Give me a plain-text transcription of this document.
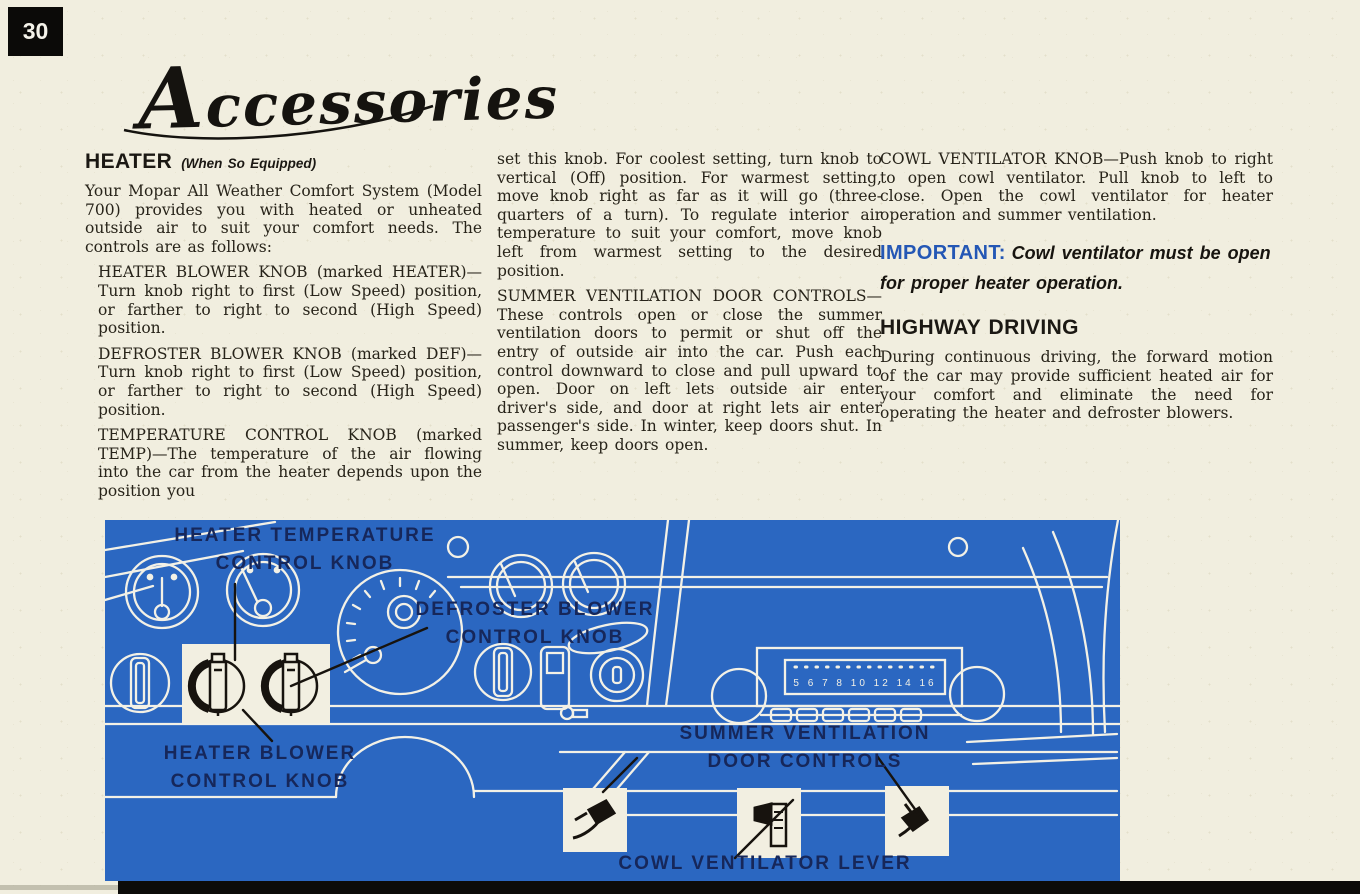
30
Accessories
HEATER (When So Equipped)

Your Mopar All Weather Comfort System (Model 700) provides you with heated or unheated outside air to suit your comfort needs. The controls are as follows:

HEATER BLOWER KNOB (marked HEATER)—Turn knob right to first (Low Speed) position, or farther to right to second (High Speed) position.

DEFROSTER BLOWER KNOB (marked DEF)—Turn knob right to first (Low Speed) position, or farther to right to second (High Speed) position.

TEMPERATURE CONTROL KNOB (marked TEMP)—The temperature of the air flowing into the car from the heater depends upon the position you

set this knob. For coolest setting, turn knob to vertical (Off) position. For warmest setting, move knob right as far as it will go (three-quarters of a turn). To regulate interior air temperature to suit your comfort, move knob left from warmest setting to the desired position.

SUMMER VENTILATION DOOR CONTROLS—These controls open or close the summer ventilation doors to permit or shut off the entry of outside air into the car. Push each control downward to close and pull upward to open. Door on left lets outside air enter driver's side, and door at right lets air enter passenger's side. In winter, keep doors shut. In summer, keep doors open.

COWL VENTILATOR KNOB—Push knob to right to open cowl ventilator. Pull knob to left to close. Open the cowl ventilator for heater operation and summer ventilation.

IMPORTANT: Cowl ventilator must be open for proper heater operation.
HIGHWAY DRIVING

During continuous driving, the forward motion of the car may provide sufficient heated air for your comfort and eliminate the need for operating the heater and defroster blowers.

5 6 7 8 10 12 14 16
HEATER TEMPERATURE
CONTROL KNOB
DEFROSTER BLOWER
CONTROL KNOB
HEATER BLOWER
CONTROL KNOB
SUMMER VENTILATION
DOOR CONTROLS
COWL VENTILATOR LEVER
